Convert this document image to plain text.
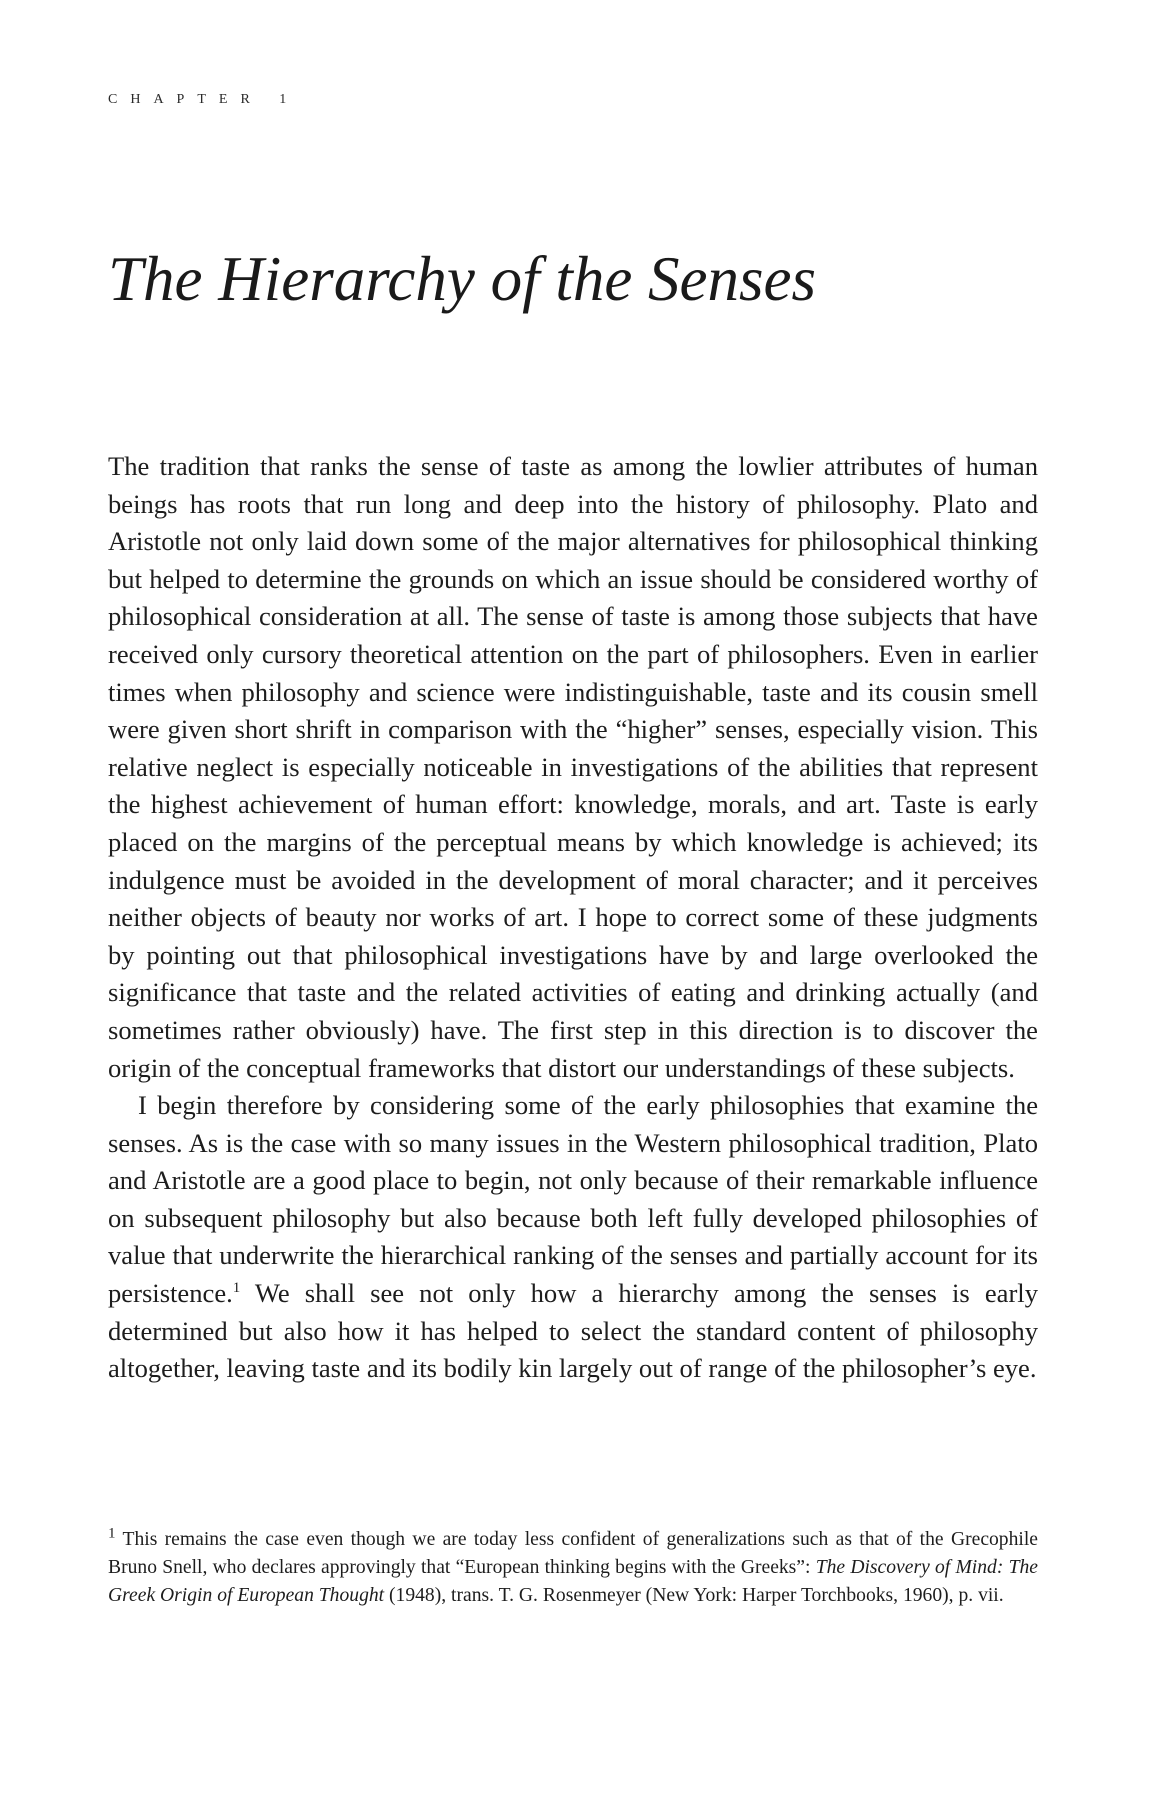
CHAPTER 1
The Hierarchy of the Senses

The tradition that ranks the sense of taste as among the lowlier attributes of human beings has roots that run long and deep into the history of philosophy. Plato and Aristotle not only laid down some of the major alternatives for philosophical thinking but helped to determine the grounds on which an issue should be considered worthy of philosophical consideration at all. The sense of taste is among those subjects that have received only cursory theoretical attention on the part of philosophers. Even in earlier times when philosophy and science were indistinguishable, taste and its cousin smell were given short shrift in comparison with the “higher” senses, especially vision. This relative neglect is especially noticeable in investigations of the abilities that represent the highest achievement of human effort: knowledge, morals, and art. Taste is early placed on the margins of the perceptual means by which knowledge is achieved; its indulgence must be avoided in the development of moral character; and it perceives neither objects of beauty nor works of art. I hope to correct some of these judgments by pointing out that philosophical investigations have by and large overlooked the significance that taste and the related activities of eating and drinking actually (and sometimes rather obviously) have. The first step in this direction is to discover the origin of the conceptual frameworks that distort our understandings of these subjects.

I begin therefore by considering some of the early philosophies that examine the senses. As is the case with so many issues in the Western philosophical tradition, Plato and Aristotle are a good place to begin, not only because of their remarkable influence on subsequent philosophy but also because both left fully developed philosophies of value that underwrite the hierarchical ranking of the senses and partially account for its persistence.$^1$ We shall see not only how a hierarchy among the senses is early determined but also how it has helped to select the standard content of philosophy altogether, leaving taste and its bodily kin largely out of range of the philosopher’s eye.

$^1$ This remains the case even though we are today less confident of generalizations such as that of the Grecophile Bruno Snell, who declares approvingly that “European thinking begins with the Greeks”: The Discovery of Mind: The Greek Origin of European Thought (1948), trans. T. G. Rosenmeyer (New York: Harper Torchbooks, 1960), p. vii.
